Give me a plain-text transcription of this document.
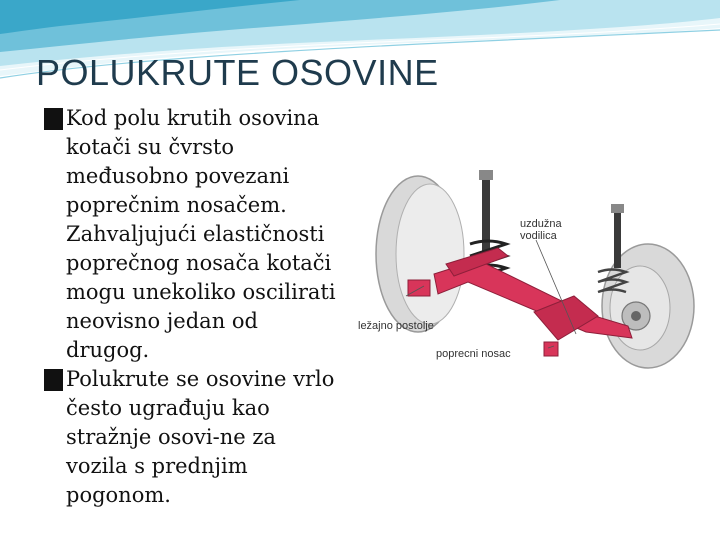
POLUKRUTE OSOVINE
 Kod polu krutih osovina kotači su čvrsto međusobno povezani poprečnim nosačem. Zahvaljujući elastičnosti poprečnog nosača kotači mogu unekoliko oscilirati neovisno jedan od drugog.
 Polukrute se osovine vrlo često ugrađuju kao stražnje osovi-ne za vozila s prednjim pogonom.
uzdužna
vodilica
ležajno postolje
poprecni nosac
